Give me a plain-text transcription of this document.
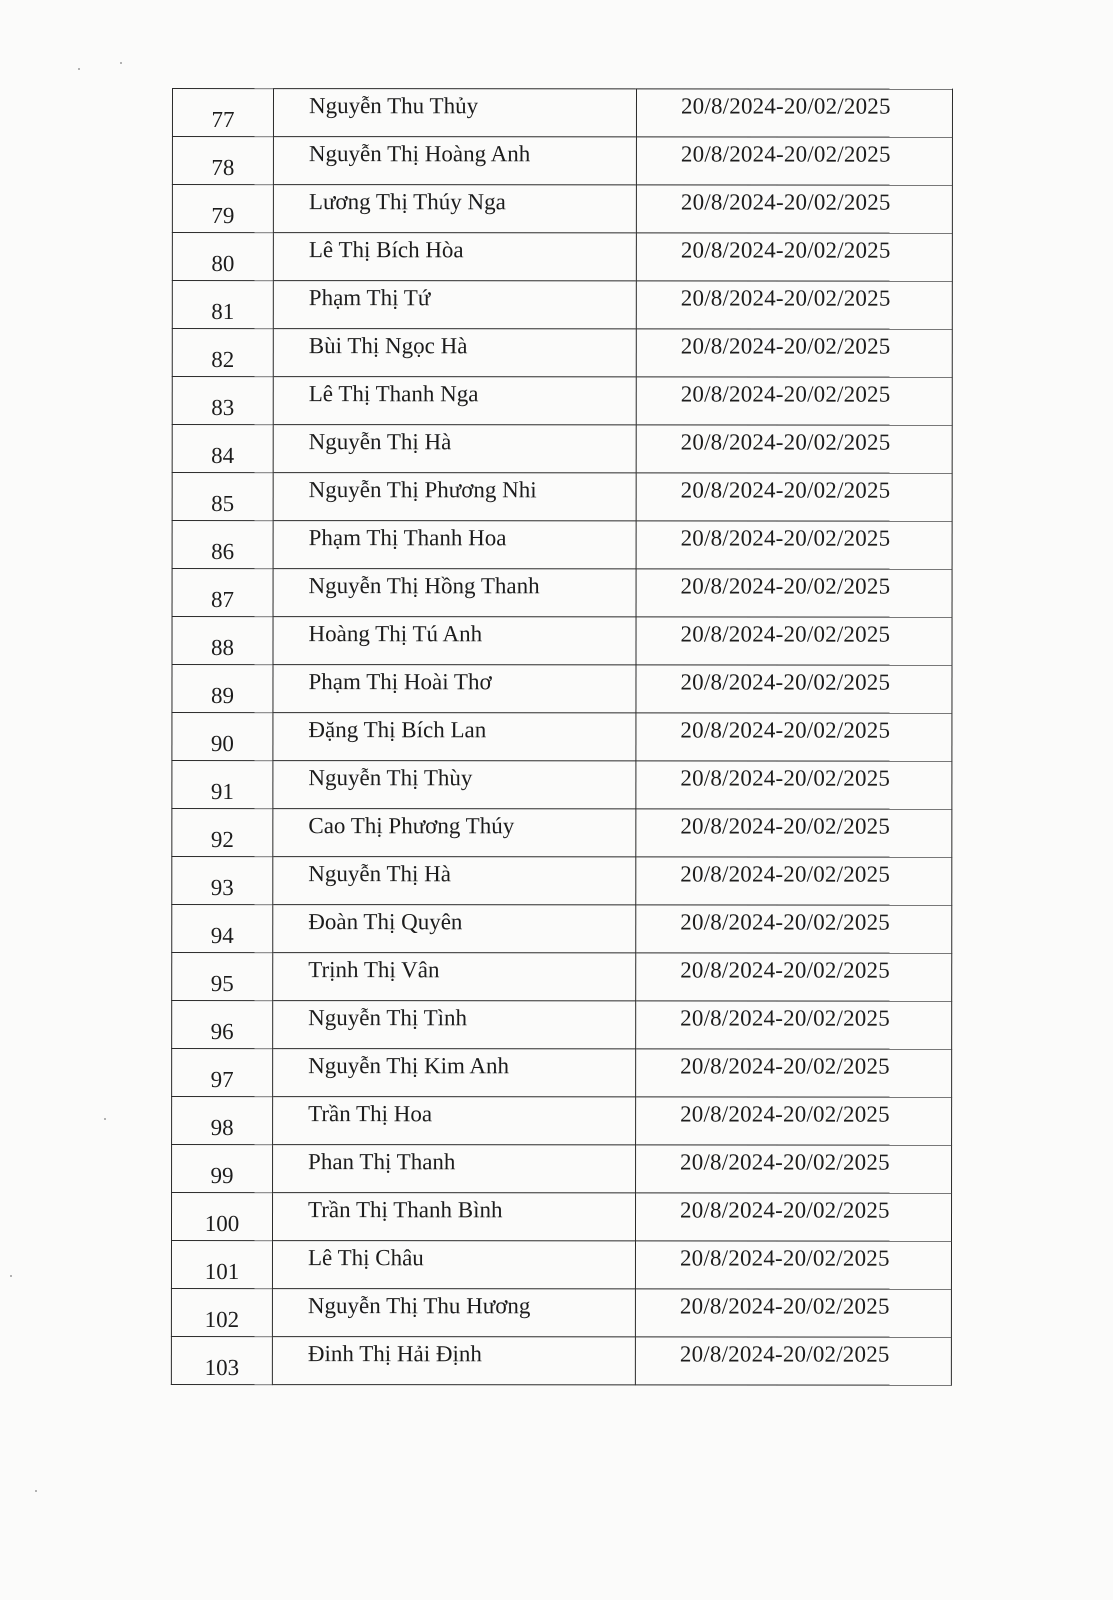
77	Nguyễn Thu Thủy	20/8/2024-20/02/2025
78	Nguyễn Thị Hoàng Anh	20/8/2024-20/02/2025
79	Lương Thị Thúy Nga	20/8/2024-20/02/2025
80	Lê Thị Bích Hòa	20/8/2024-20/02/2025
81	Phạm Thị Tứ	20/8/2024-20/02/2025
82	Bùi Thị Ngọc Hà	20/8/2024-20/02/2025
83	Lê Thị Thanh Nga	20/8/2024-20/02/2025
84	Nguyễn Thị Hà	20/8/2024-20/02/2025
85	Nguyễn Thị Phương Nhi	20/8/2024-20/02/2025
86	Phạm Thị Thanh Hoa	20/8/2024-20/02/2025
87	Nguyễn Thị Hồng Thanh	20/8/2024-20/02/2025
88	Hoàng Thị Tú Anh	20/8/2024-20/02/2025
89	Phạm Thị Hoài Thơ	20/8/2024-20/02/2025
90	Đặng Thị Bích Lan	20/8/2024-20/02/2025
91	Nguyễn Thị Thùy	20/8/2024-20/02/2025
92	Cao Thị Phương Thúy	20/8/2024-20/02/2025
93	Nguyễn Thị Hà	20/8/2024-20/02/2025
94	Đoàn Thị Quyên	20/8/2024-20/02/2025
95	Trịnh Thị Vân	20/8/2024-20/02/2025
96	Nguyễn Thị Tình	20/8/2024-20/02/2025
97	Nguyễn Thị Kim Anh	20/8/2024-20/02/2025
98	Trần Thị Hoa	20/8/2024-20/02/2025
99	Phan Thị Thanh	20/8/2024-20/02/2025
100	Trần Thị Thanh Bình	20/8/2024-20/02/2025
101	Lê Thị Châu	20/8/2024-20/02/2025
102	Nguyễn Thị Thu Hương	20/8/2024-20/02/2025
103	Đinh Thị Hải Định	20/8/2024-20/02/2025
